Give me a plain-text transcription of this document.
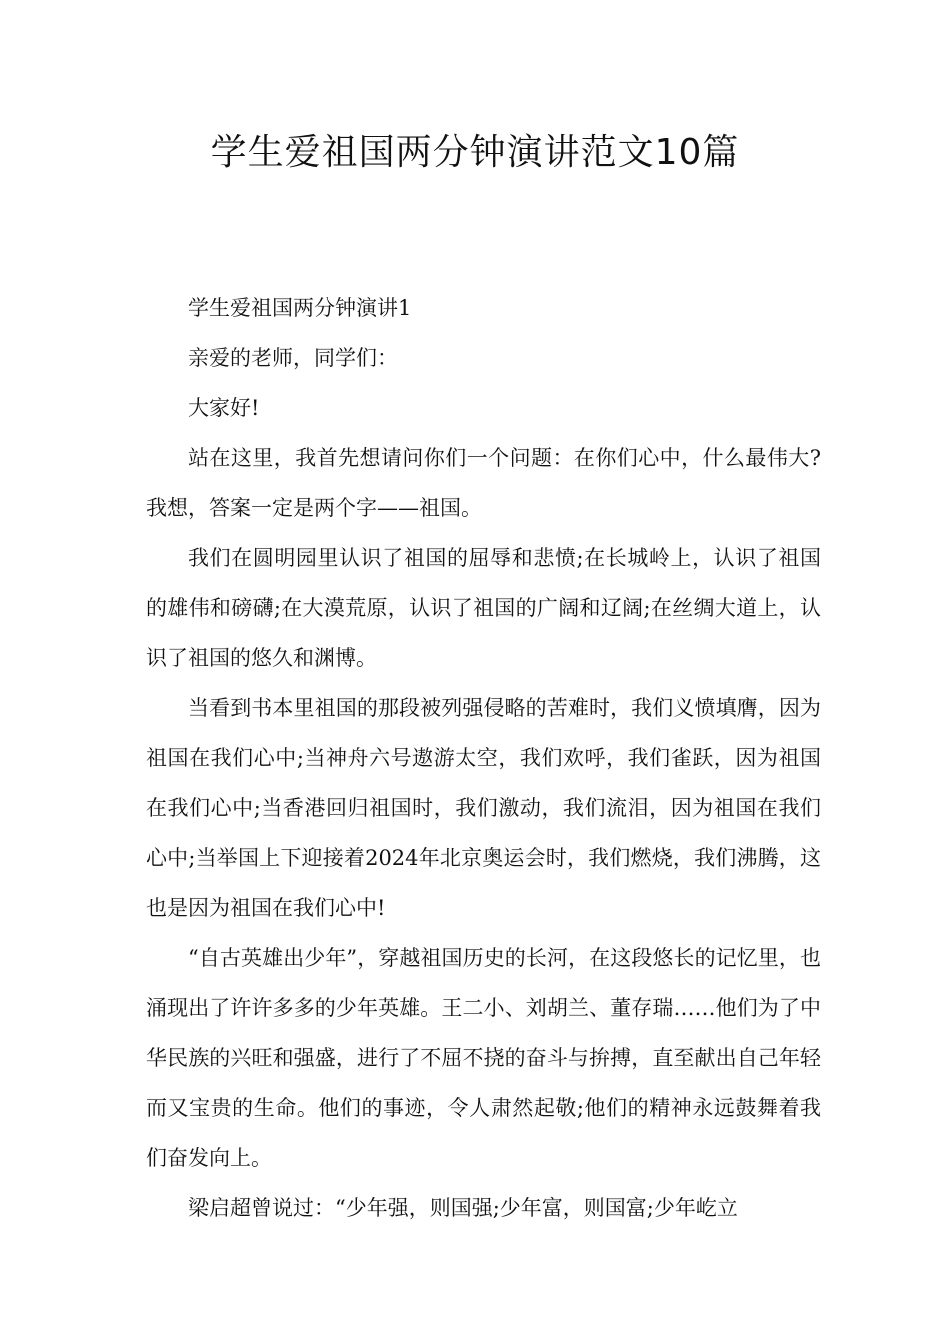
学生爱祖国两分钟演讲范文10篇

学生爱祖国两分钟演讲1

亲爱的老师，同学们：

大家好!

站在这里，我首先想请问你们一个问题：在你们心中，什么最伟大?我想，答案一定是两个字——祖国。

我们在圆明园里认识了祖国的屈辱和悲愤;在长城岭上，认识了祖国的雄伟和磅礴;在大漠荒原，认识了祖国的广阔和辽阔;在丝绸大道上，认识了祖国的悠久和渊博。

当看到书本里祖国的那段被列强侵略的苦难时，我们义愤填膺，因为祖国在我们心中;当神舟六号遨游太空，我们欢呼，我们雀跃，因为祖国在我们心中;当香港回归祖国时，我们激动，我们流泪，因为祖国在我们心中;当举国上下迎接着2024年北京奥运会时，我们燃烧，我们沸腾，这也是因为祖国在我们心中!

“自古英雄出少年”，穿越祖国历史的长河，在这段悠长的记忆里，也涌现出了许许多多的少年英雄。王二小、刘胡兰、董存瑞……他们为了中华民族的兴旺和强盛，进行了不屈不挠的奋斗与拚搏，直至献出自己年轻而又宝贵的生命。他们的事迹，令人肃然起敬;他们的精神永远鼓舞着我们奋发向上。

梁启超曾说过：“少年强，则国强;少年富，则国富;少年屹立
